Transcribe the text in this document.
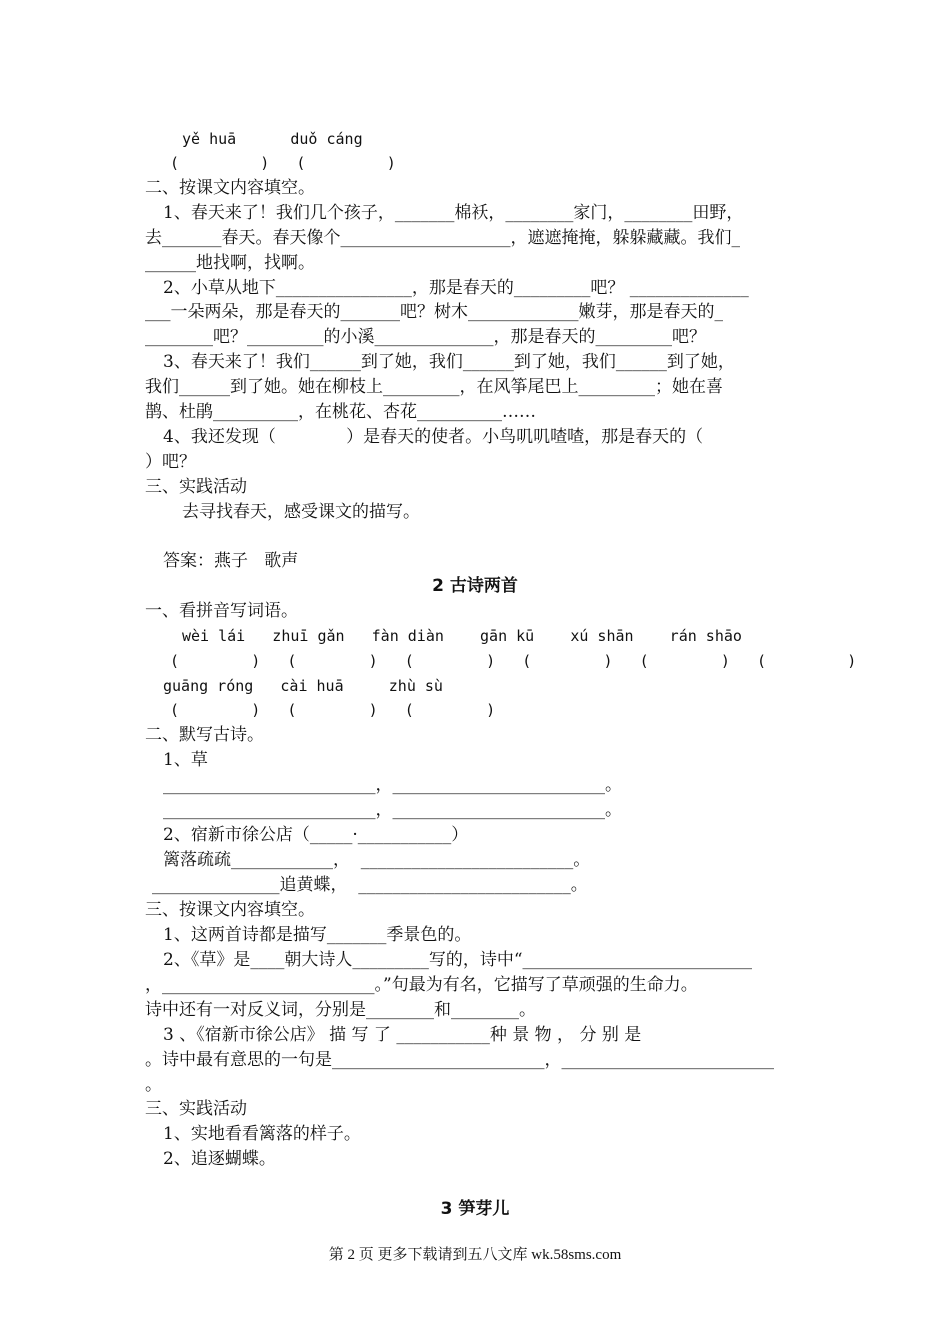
yě huā      duǒ cáng
(         )   (         )
二、按课文内容填空。
1、春天来了！我们几个孩子，_______棉袄，________家门，________田野，
去_______春天。春天像个____________________，遮遮掩掩，躲躲藏藏。我们_
______地找啊，找啊。
2、小草从地下________________，那是春天的_________吧？ ______________
___一朵两朵，那是春天的_______吧？树木_____________嫩芽，那是春天的_
________吧？_________的小溪______________，那是春天的_________吧？
3、春天来了！我们______到了她，我们______到了她，我们______到了她，
我们______到了她。她在柳枝上_________，在风筝尾巴上_________；她在喜
鹊、杜鹃__________，在桃花、杏花__________……
4、我还发现（             ）是春天的使者。小鸟叽叽喳喳，那是春天的（
）吧？
三、实践活动
去寻找春天，感受课文的描写。
答案：燕子   歌声
2 古诗两首
一、看拼音写词语。
wèi lái   zhuī gǎn   fàn diàn    gān kū    xú shān    rán shāo
(        )   (        )   (        )   (        )   (        )   (         )
guāng róng   cài huā     zhù sù
(        )   (        )   (        )
二、默写古诗。
1、草
_________________________，_________________________。
_________________________，_________________________。
2、宿新市徐公店（_____·___________）
篱落疏疏____________，  _________________________。
_______________追黄蝶，  _________________________。
三、按课文内容填空。
1、这两首诗都是描写_______季景色的。
2、《草》是____朝大诗人_________写的，诗中“___________________________
，_________________________。”句最为有名，它描写了草顽强的生命力。
诗中还有一对反义词，分别是________和________。
3 、《宿新市徐公店》 描 写 了 ___________种 景 物 ， 分 别 是
。诗中最有意思的一句是_________________________，_________________________
。
三、实践活动
1、实地看看篱落的样子。
2、追逐蝴蝶。
3 笋芽儿
第 2 页 更多下载请到五八文库 wk.58sms.com
